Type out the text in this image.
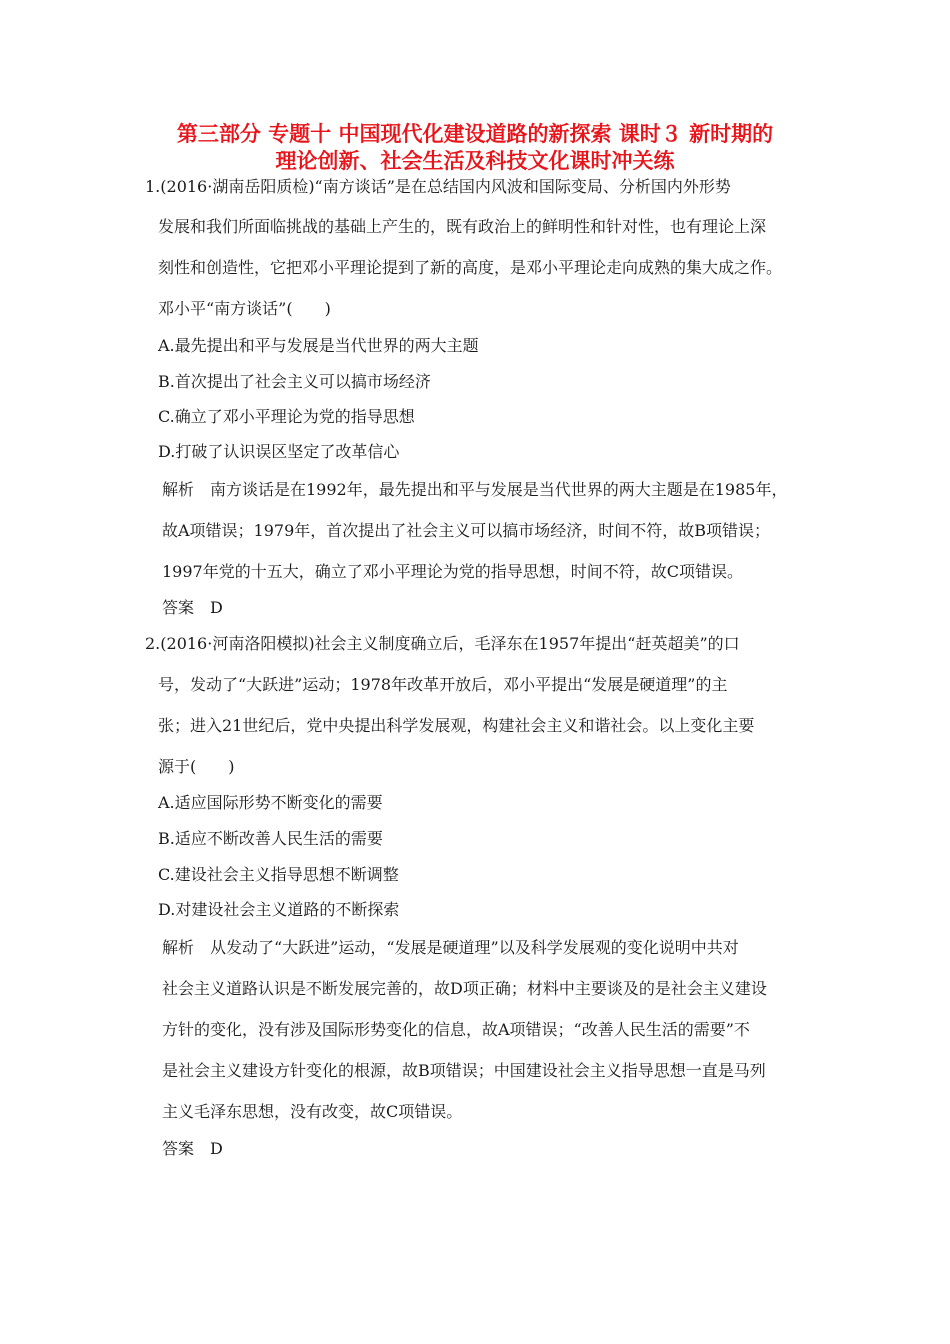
第三部分 专题十 中国现代化建设道路的新探索 课时３ 新时期的
理论创新、社会生活及科技文化课时冲关练
1.(2016·湖南岳阳质检)“南方谈话”是在总结国内风波和国际变局、分析国内外形势
发展和我们所面临挑战的基础上产生的，既有政治上的鲜明性和针对性，也有理论上深
刻性和创造性，它把邓小平理论提到了新的高度，是邓小平理论走向成熟的集大成之作。
邓小平“南方谈话”(　　)
A.最先提出和平与发展是当代世界的两大主题
B.首次提出了社会主义可以搞市场经济
C.确立了邓小平理论为党的指导思想
D.打破了认识误区坚定了改革信心
解析　南方谈话是在1992年，最先提出和平与发展是当代世界的两大主题是在1985年，
故A项错误；1979年，首次提出了社会主义可以搞市场经济，时间不符，故B项错误；
1997年党的十五大，确立了邓小平理论为党的指导思想，时间不符，故C项错误。
答案　D
2.(2016·河南洛阳模拟)社会主义制度确立后，毛泽东在1957年提出“赶英超美”的口
号，发动了“大跃进”运动；1978年改革开放后，邓小平提出“发展是硬道理”的主
张；进入21世纪后，党中央提出科学发展观，构建社会主义和谐社会。以上变化主要
源于(　　)
A.适应国际形势不断变化的需要
B.适应不断改善人民生活的需要
C.建设社会主义指导思想不断调整
D.对建设社会主义道路的不断探索
解析　从发动了“大跃进”运动，“发展是硬道理”以及科学发展观的变化说明中共对
社会主义道路认识是不断发展完善的，故D项正确；材料中主要谈及的是社会主义建设
方针的变化，没有涉及国际形势变化的信息，故A项错误；“改善人民生活的需要”不
是社会主义建设方针变化的根源，故B项错误；中国建设社会主义指导思想一直是马列
主义毛泽东思想，没有改变，故C项错误。
答案　D
